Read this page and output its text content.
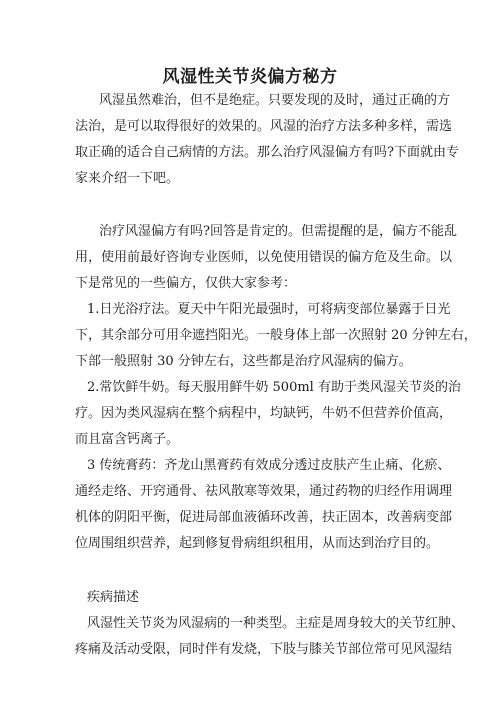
风湿性关节炎偏方秘方
风湿虽然难治，但不是绝症。只要发现的及时，通过正确的方
法治，是可以取得很好的效果的。风湿的治疗方法多种多样，需选
取正确的适合自己病情的方法。那么治疗风湿偏方有吗?下面就由专
家来介绍一下吧。
治疗风湿偏方有吗?回答是肯定的。但需提醒的是，偏方不能乱
用，使用前最好咨询专业医师，以免使用错误的偏方危及生命。以
下是常见的一些偏方，仅供大家参考：
1.日光浴疗法。夏天中午阳光最强时，可将病变部位暴露于日光
下，其余部分可用伞遮挡阳光。一般身体上部一次照射 20 分钟左右，
下部一般照射 30 分钟左右，这些都是治疗风湿病的偏方。
2.常饮鲜牛奶。每天服用鲜牛奶 500ml 有助于类风湿关节炎的治
疗。因为类风湿病在整个病程中，均缺钙，牛奶不但营养价值高，
而且富含钙离子。
3 传统膏药：齐龙山黑膏药有效成分透过皮肤产生止痛、化瘀、
通经走络、开窍通骨、祛风散寒等效果，通过药物的归经作用调理
机体的阴阳平衡，促进局部血液循环改善，扶正固本，改善病变部
位周围组织营养，起到修复骨病组织租用，从而达到治疗目的。
疾病描述
风湿性关节炎为风湿病的一种类型。主症是周身较大的关节红肿、
疼痛及活动受限，同时伴有发烧，下肢与膝关节部位常可见风湿结
